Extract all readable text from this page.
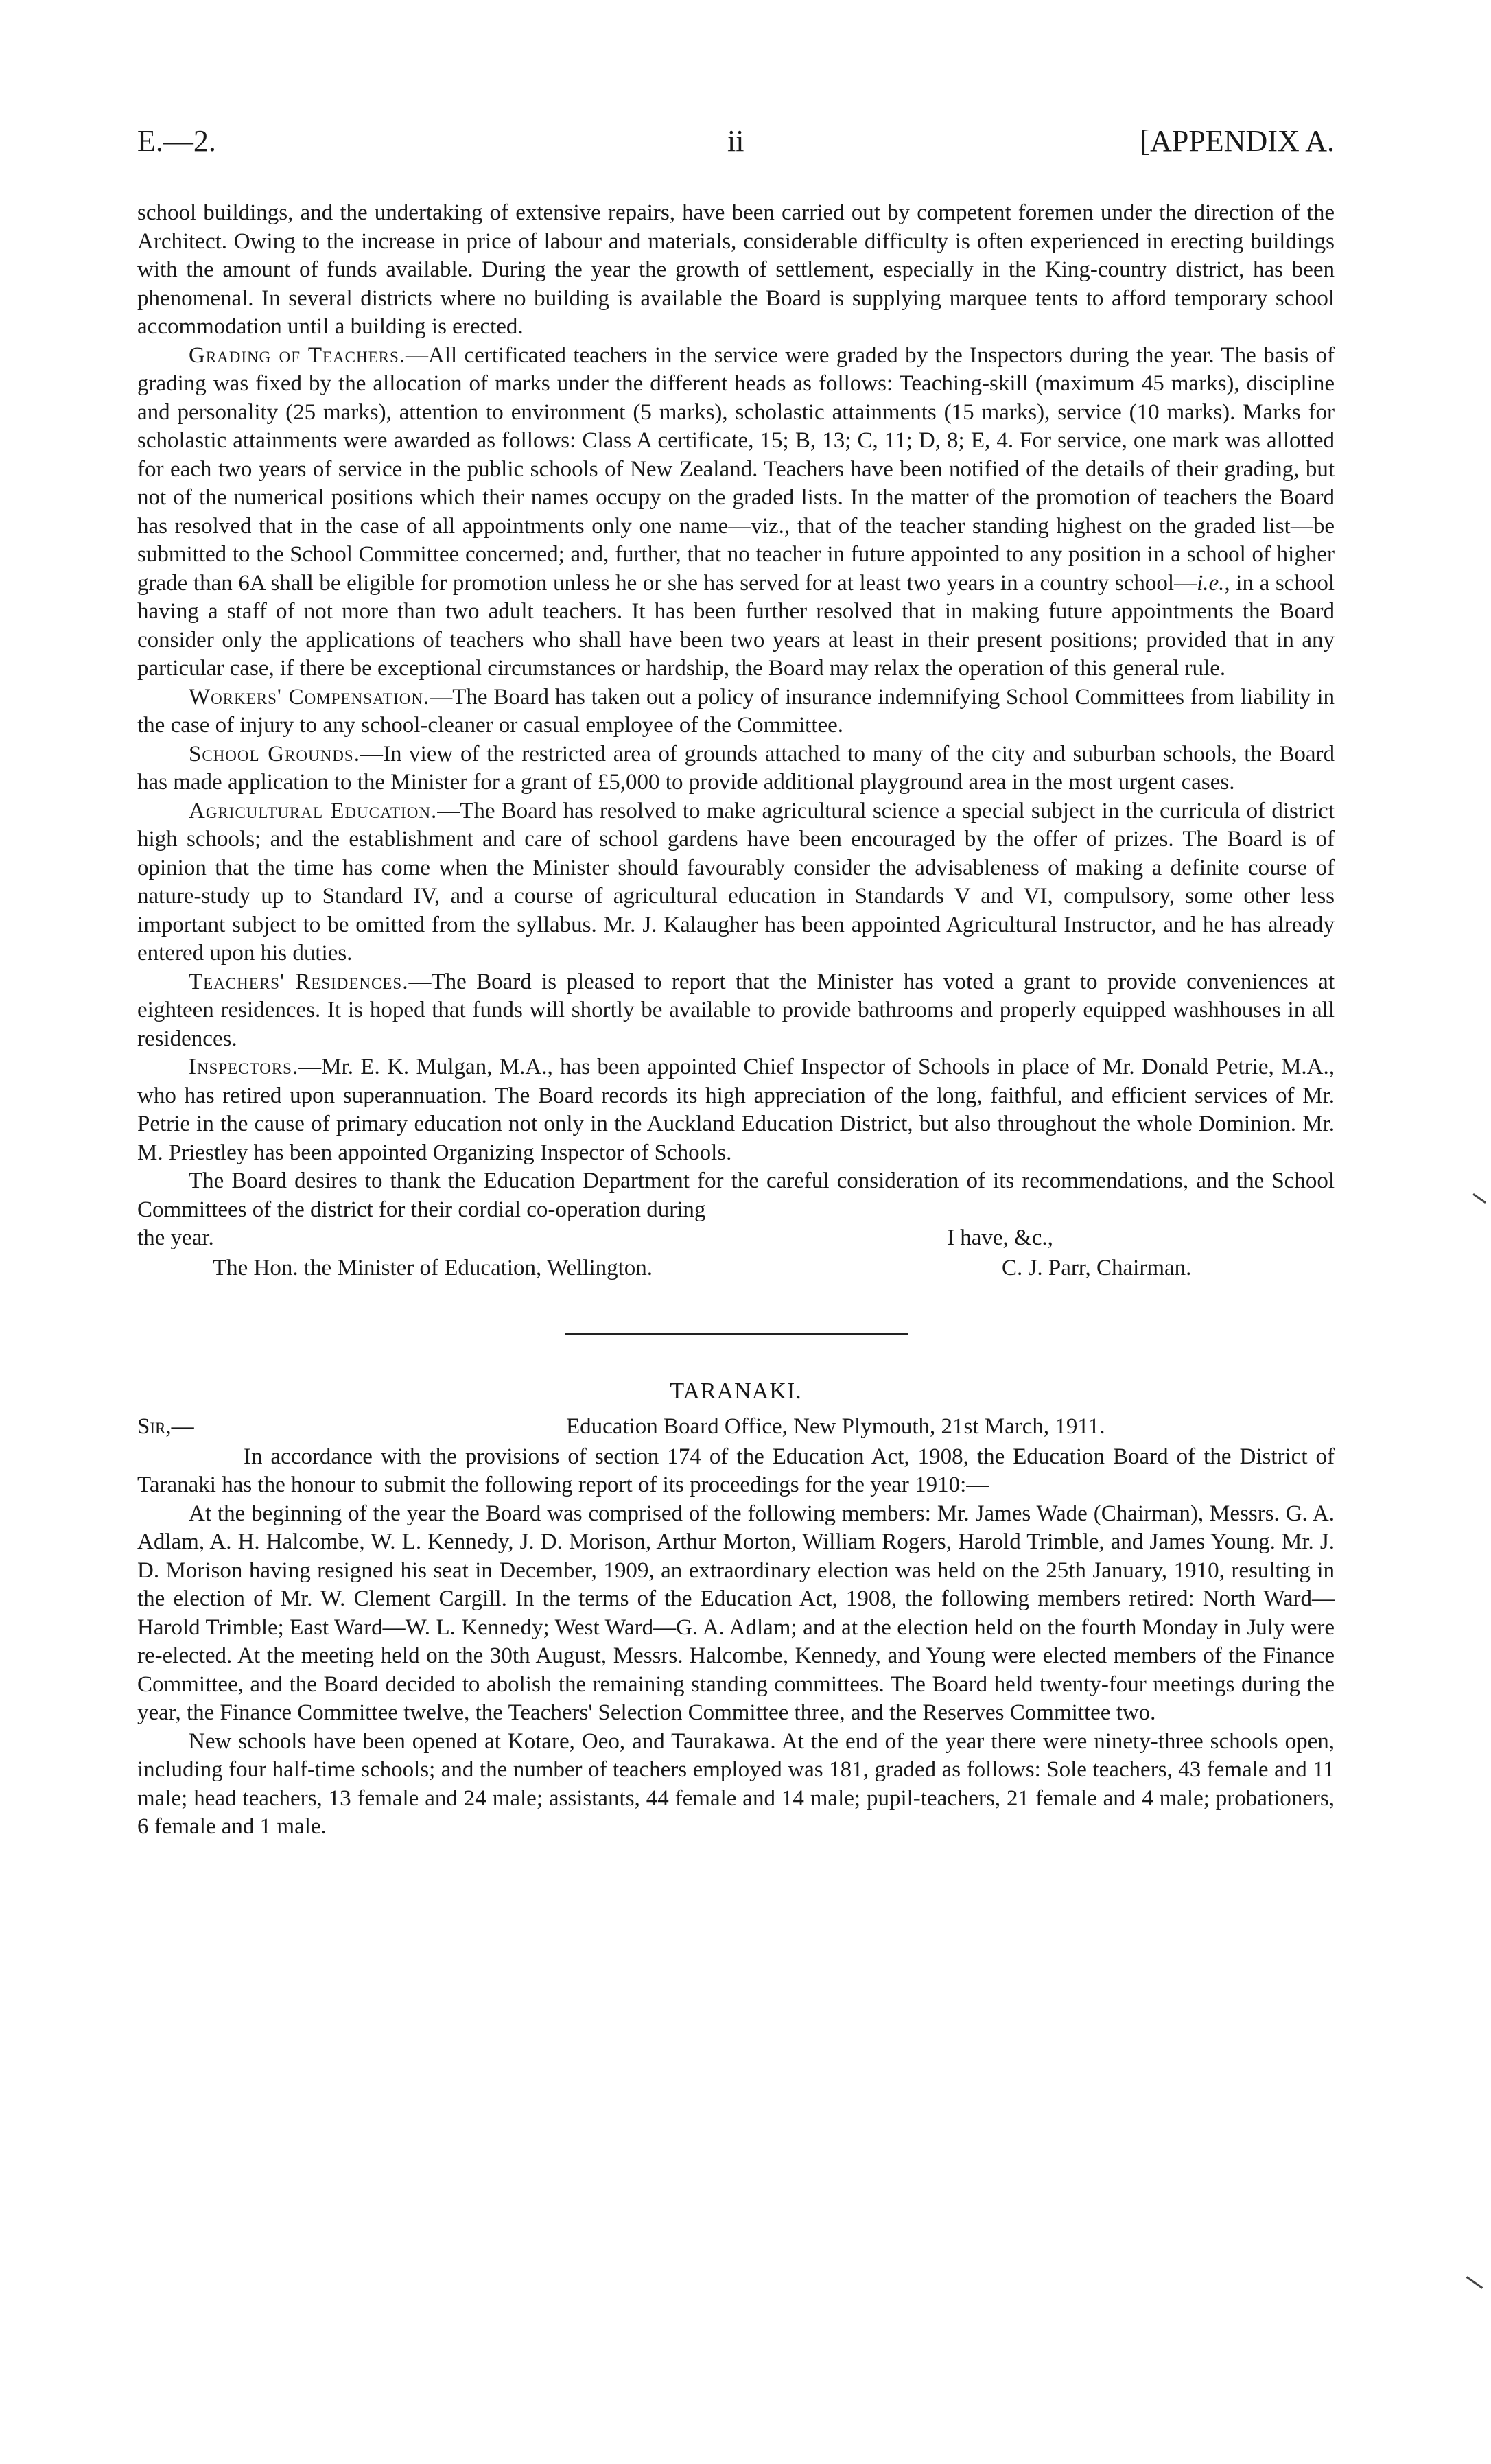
E.—2.	ii	[APPENDIX A.

school buildings, and the undertaking of extensive repairs, have been carried out by competent foremen under the direction of the Architect. Owing to the increase in price of labour and materials, considerable difficulty is often experienced in erecting buildings with the amount of funds available. During the year the growth of settlement, especially in the King-country district, has been phenomenal. In several districts where no building is available the Board is supplying marquee tents to afford temporary school accommodation until a building is erected.

Grading of Teachers.—All certificated teachers in the service were graded by the Inspectors during the year. The basis of grading was fixed by the allocation of marks under the different heads as follows: Teaching-skill (maximum 45 marks), discipline and personality (25 marks), attention to environment (5 marks), scholastic attainments (15 marks), service (10 marks). Marks for scholastic attainments were awarded as follows: Class A certificate, 15; B, 13; C, 11; D, 8; E, 4. For service, one mark was allotted for each two years of service in the public schools of New Zealand. Teachers have been notified of the details of their grading, but not of the numerical positions which their names occupy on the graded lists. In the matter of the promotion of teachers the Board has resolved that in the case of all appointments only one name—viz., that of the teacher standing highest on the graded list—be submitted to the School Committee concerned; and, further, that no teacher in future appointed to any position in a school of higher grade than 6A shall be eligible for promotion unless he or she has served for at least two years in a country school—i.e., in a school having a staff of not more than two adult teachers. It has been further resolved that in making future appointments the Board consider only the applications of teachers who shall have been two years at least in their present positions; provided that in any particular case, if there be exceptional circumstances or hardship, the Board may relax the operation of this general rule.

Workers' Compensation.—The Board has taken out a policy of insurance indemnifying School Committees from liability in the case of injury to any school-cleaner or casual employee of the Committee.

School Grounds.—In view of the restricted area of grounds attached to many of the city and suburban schools, the Board has made application to the Minister for a grant of £5,000 to provide additional playground area in the most urgent cases.

Agricultural Education.—The Board has resolved to make agricultural science a special subject in the curricula of district high schools; and the establishment and care of school gardens have been encouraged by the offer of prizes. The Board is of opinion that the time has come when the Minister should favourably consider the advisableness of making a definite course of nature-study up to Standard IV, and a course of agricultural education in Standards V and VI, compulsory, some other less important subject to be omitted from the syllabus. Mr. J. Kalaugher has been appointed Agricultural Instructor, and he has already entered upon his duties.

Teachers' Residences.—The Board is pleased to report that the Minister has voted a grant to provide conveniences at eighteen residences. It is hoped that funds will shortly be available to provide bathrooms and properly equipped washhouses in all residences.

Inspectors.—Mr. E. K. Mulgan, M.A., has been appointed Chief Inspector of Schools in place of Mr. Donald Petrie, M.A., who has retired upon superannuation. The Board records its high appreciation of the long, faithful, and efficient services of Mr. Petrie in the cause of primary education not only in the Auckland Education District, but also throughout the whole Dominion. Mr. M. Priestley has been appointed Organizing Inspector of Schools.

The Board desires to thank the Education Department for the careful consideration of its recommendations, and the School Committees of the district for their cordial co-operation during

the year.	I have, &c.,
The Hon. the Minister of Education, Wellington.	C. J. Parr, Chairman.
TARANAKI.
Sir,—	Education Board Office, New Plymouth, 21st March, 1911.

In accordance with the provisions of section 174 of the Education Act, 1908, the Education Board of the District of Taranaki has the honour to submit the following report of its proceedings for the year 1910:—

At the beginning of the year the Board was comprised of the following members: Mr. James Wade (Chairman), Messrs. G. A. Adlam, A. H. Halcombe, W. L. Kennedy, J. D. Morison, Arthur Morton, William Rogers, Harold Trimble, and James Young. Mr. J. D. Morison having resigned his seat in December, 1909, an extraordinary election was held on the 25th January, 1910, resulting in the election of Mr. W. Clement Cargill. In the terms of the Education Act, 1908, the following members retired: North Ward—Harold Trimble; East Ward—W. L. Kennedy; West Ward—G. A. Adlam; and at the election held on the fourth Monday in July were re-elected. At the meeting held on the 30th August, Messrs. Halcombe, Kennedy, and Young were elected members of the Finance Committee, and the Board decided to abolish the remaining standing committees. The Board held twenty-four meetings during the year, the Finance Committee twelve, the Teachers' Selection Committee three, and the Reserves Committee two.

New schools have been opened at Kotare, Oeo, and Taurakawa. At the end of the year there were ninety-three schools open, including four half-time schools; and the number of teachers employed was 181, graded as follows: Sole teachers, 43 female and 11 male; head teachers, 13 female and 24 male; assistants, 44 female and 14 male; pupil-teachers, 21 female and 4 male; probationers, 6 female and 1 male.
